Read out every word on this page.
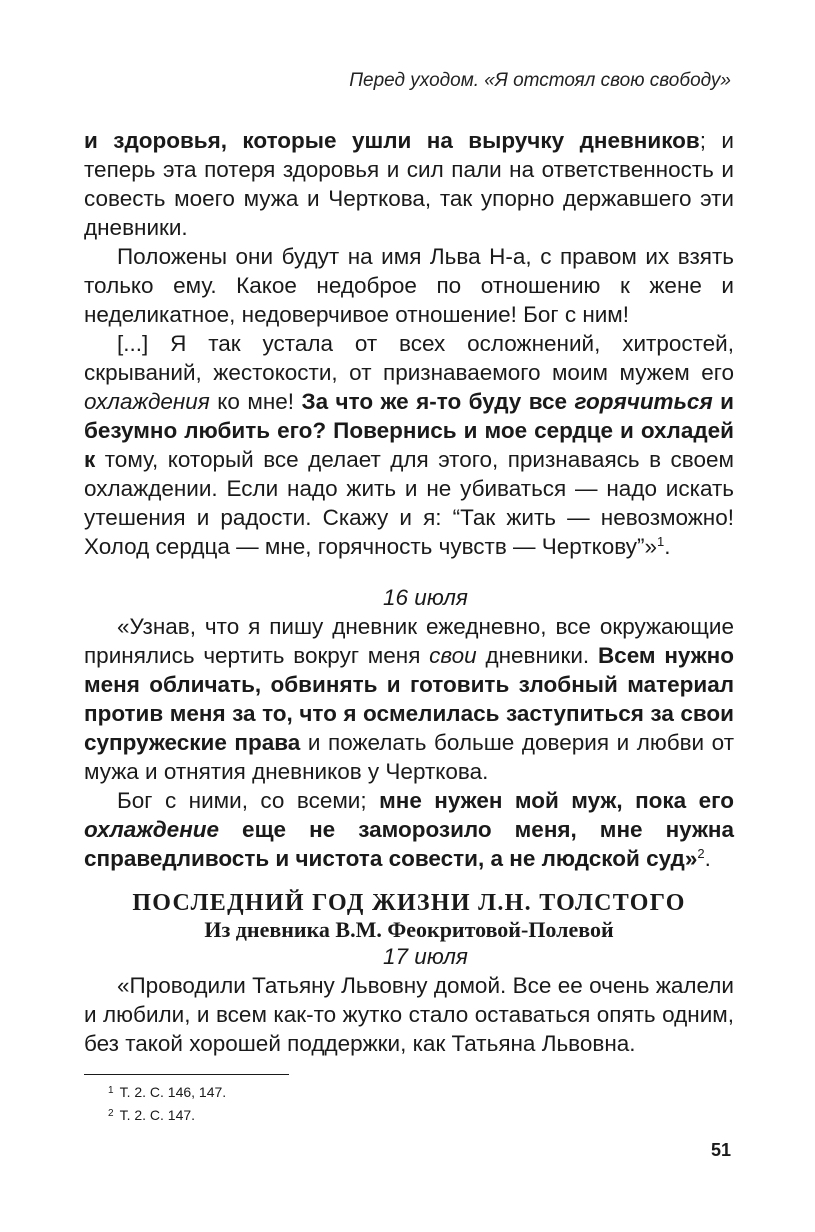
Перед уходом. «Я отстоял свою свободу»

и здоровья, которые ушли на выручку дневников; и теперь эта потеря здоровья и сил пали на ответственность и совесть моего мужа и Черткова, так упорно державшего эти дневники.

Положены они будут на имя Льва Н-а, с правом их взять только ему. Какое недоброе по отношению к жене и неделикатное, недоверчивое отношение! Бог с ним!

[...] Я так устала от всех осложнений, хитростей, скрываний, жестокости, от признаваемого моим мужем его охлаждения ко мне! За что же я-то буду все горячиться и безумно любить его? Повернись и мое сердце и охладей к тому, который все делает для этого, признаваясь в своем охлаждении. Если надо жить и не убиваться — надо искать утешения и радости. Скажу и я: “Так жить — невозможно! Холод сердца — мне, горячность чувств — Черткову”»$^1$.

16 июля

«Узнав, что я пишу дневник ежедневно, все окружающие принялись чертить вокруг меня свои дневники. Всем нужно меня обличать, обвинять и готовить злобный материал против меня за то, что я осмелилась заступиться за свои супружеские права и пожелать больше доверия и любви от мужа и отнятия дневников у Черткова.

Бог с ними, со всеми; мне нужен мой муж, пока его охлаждение еще не заморозило меня, мне нужна справедливость и чистота совести, а не людской суд»$^2$.

ПОСЛЕДНИЙ ГОД ЖИЗНИ Л.Н. ТОЛСТОГО
Из дневника В.М. Феокритовой-Полевой

17 июля

«Проводили Татьяну Львовну домой. Все ее очень жалели и любили, и всем как-то жутко стало оставаться опять одним, без такой хорошей поддержки, как Татьяна Львовна.

$^1$ Т. 2. С. 146, 147.
$^2$ Т. 2. С. 147.
51
